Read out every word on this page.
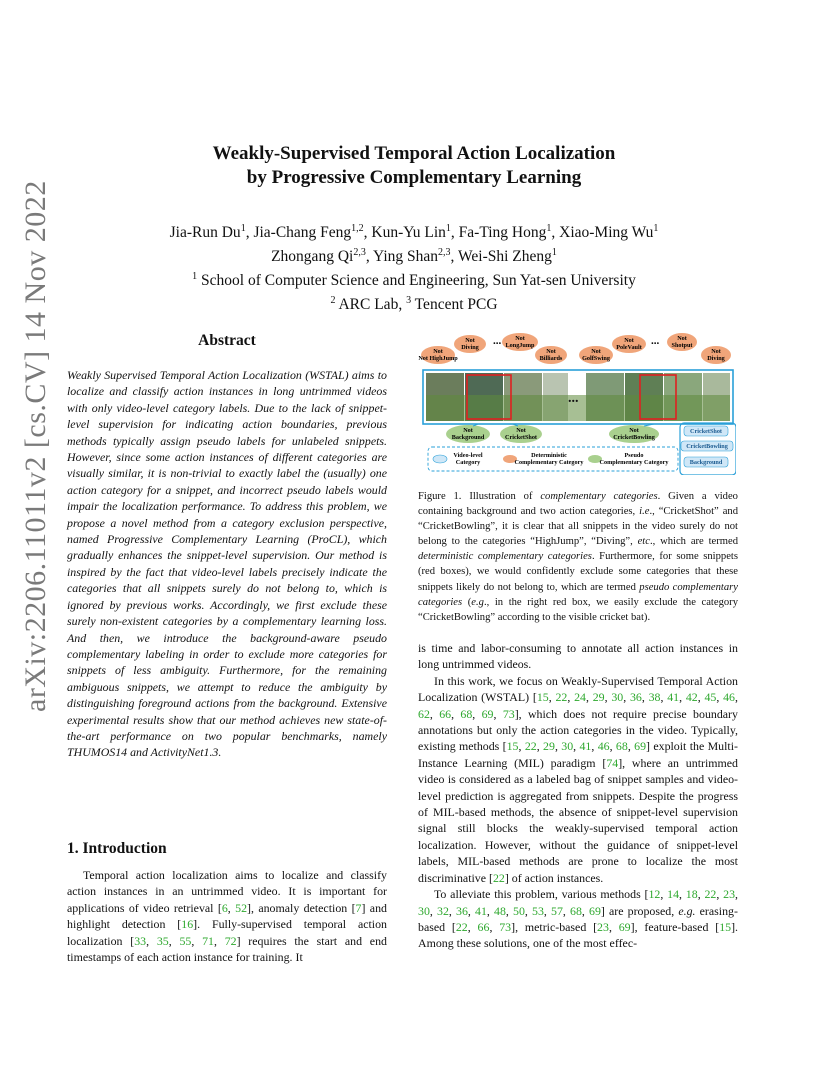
arXiv:2206.11011v2 [cs.CV] 14 Nov 2022
Weakly-Supervised Temporal Action Localization
by Progressive Complementary Learning
Jia-Run Du$^1$, Jia-Chang Feng$^{1,2}$, Kun-Yu Lin$^1$, Fa-Ting Hong$^1$, Xiao-Ming Wu$^1$
Zhongang Qi$^{2,3}$, Ying Shan$^{2,3}$, Wei-Shi Zheng$^1$
$^1$ School of Computer Science and Engineering, Sun Yat-sen University
$^2$ ARC Lab, $^3$ Tencent PCG
Abstract
Weakly Supervised Temporal Action Localization (WSTAL) aims to localize and classify action instances in long untrimmed videos with only video-level category labels. Due to the lack of snippet-level supervision for indicating action boundaries, previous methods typically assign pseudo labels for unlabeled snippets. However, since some action instances of different categories are visually similar, it is non-trivial to exactly label the (usually) one action category for a snippet, and incorrect pseudo labels would impair the localization performance. To address this problem, we propose a novel method from a category exclusion perspective, named Progressive Complementary Learning (ProCL), which gradually enhances the snippet-level supervision. Our method is inspired by the fact that video-level labels precisely indicate the categories that all snippets surely do not belong to, which is ignored by previous works. Accordingly, we first exclude these surely non-existent categories by a complementary learning loss. And then, we introduce the background-aware pseudo complementary labeling in order to exclude more categories for snippets of less ambiguity. Furthermore, for the remaining ambiguous snippets, we attempt to reduce the ambiguity by distinguishing foreground actions from the background. Extensive experimental results show that our method achieves new state-of-the-art performance on two popular benchmarks, namely THUMOS14 and ActivityNet1.3.
1. Introduction

Temporal action localization aims to localize and classify action instances in an untrimmed video. It is important for applications of video retrieval [6, 52], anomaly detection [7] and highlight detection [16]. Fully-supervised temporal action localization [33, 35, 55, 71, 72] requires the start and end timestamps of each action instance for training. It

Not Not HighJump
Not Diving
...	Not LongJump
Not Billiards
Not GolfSwing
Not PoleVault
...	Not Shotput
Not Diving
...
Not Background
Not CricketShot
Not CricketBowling
CricketShot
CricketBowling
Background
Video-level Category
Deterministic Complementary Category
Pseudo Complementary Category
Figure 1. Illustration of complementary categories. Given a video containing background and two action categories, i.e., “CricketShot” and “CricketBowling”, it is clear that all snippets in the video surely do not belong to the categories “HighJump”, “Diving”, etc., which are termed deterministic complementary categories. Furthermore, for some snippets (red boxes), we would confidently exclude some categories that these snippets likely do not belong to, which are termed pseudo complementary categories (e.g., in the right red box, we easily exclude the category “CricketBowling” according to the visible cricket bat).

is time and labor-consuming to annotate all action instances in long untrimmed videos.

In this work, we focus on Weakly-Supervised Temporal Action Localization (WSTAL) [15, 22, 24, 29, 30, 36, 38, 41, 42, 45, 46, 62, 66, 68, 69, 73], which does not require precise boundary annotations but only the action categories in the video. Typically, existing methods [15, 22, 29, 30, 41, 46, 68, 69] exploit the Multi-Instance Learning (MIL) paradigm [74], where an untrimmed video is considered as a labeled bag of snippet samples and video-level prediction is aggregated from snippets. Despite the progress of MIL-based methods, the absence of snippet-level supervision signal still blocks the weakly-supervised temporal action localization. However, without the guidance of snippet-level labels, MIL-based methods are prone to localize the most discriminative [22] of action instances.

To alleviate this problem, various methods [12, 14, 18, 22, 23, 30, 32, 36, 41, 48, 50, 53, 57, 68, 69] are proposed, e.g. erasing-based [22, 66, 73], metric-based [23, 69], feature-based [15]. Among these solutions, one of the most effec-
